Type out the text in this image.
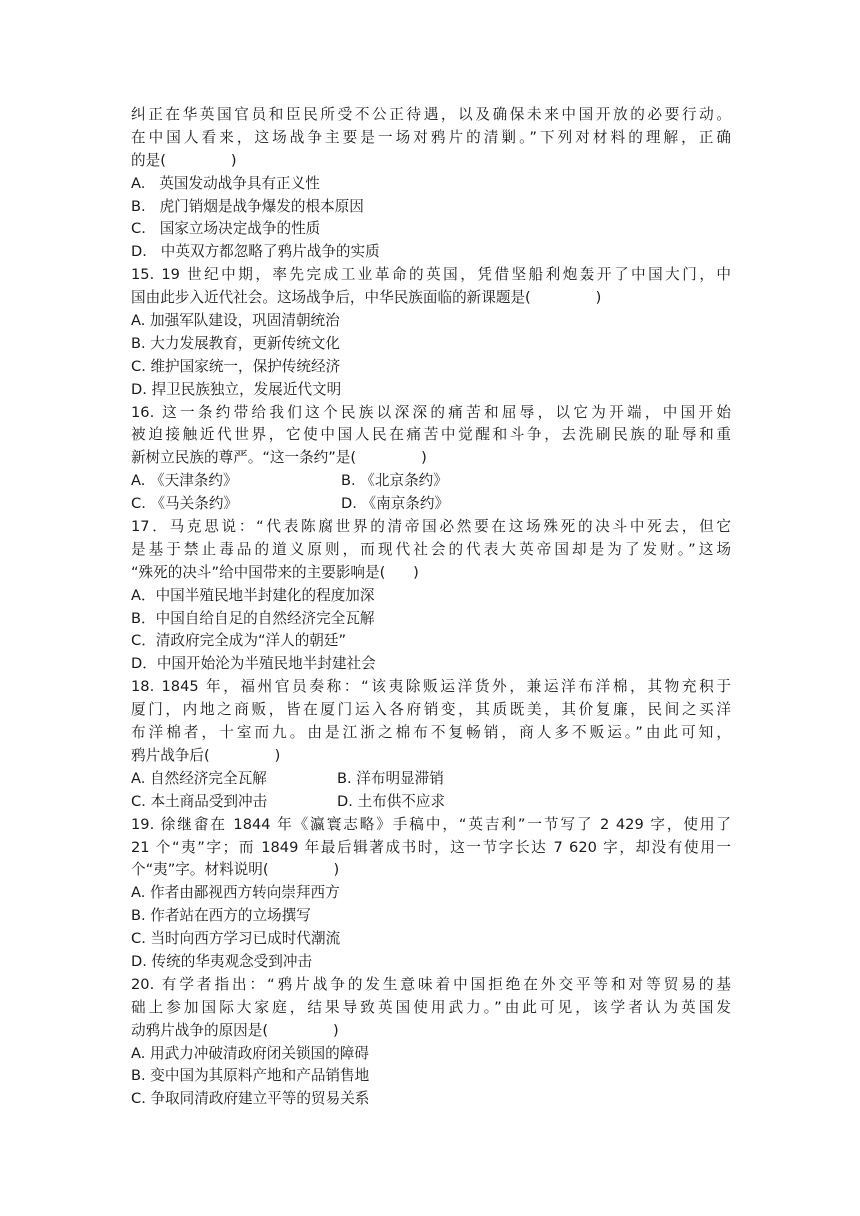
纠正在华英国官员和臣民所受不公正待遇，以及确保未来中国开放的必要行动。
在中国人看来，这场战争主要是一场对鸦片的清剿。”下列对材料的理解，正确
的是(              )
A.   英国发动战争具有正义性
B.   虎门销烟是战争爆发的根本原因
C.   国家立场决定战争的性质
D.   中英双方都忽略了鸦片战争的实质
15. 19 世纪中期，率先完成工业革命的英国，凭借坚船利炮轰开了中国大门，中
国由此步入近代社会。这场战争后，中华民族面临的新课题是(              )
A. 加强军队建设，巩固清朝统治
B. 大力发展教育，更新传统文化
C. 维护国家统一，保护传统经济
D. 捍卫民族独立，发展近代文明
16. 这一条约带给我们这个民族以深深的痛苦和屈辱，以它为开端，中国开始
被迫接触近代世界，它使中国人民在痛苦中觉醒和斗争，去洗刷民族的耻辱和重
新树立民族的尊严。“这一条约”是(              )
A. 《天津条约》	B. 《北京条约》
C. 《马关条约》	D. 《南京条约》
17．马克思说：“代表陈腐世界的清帝国必然要在这场殊死的决斗中死去，但它
是基于禁止毒品的道义原则，而现代社会的代表大英帝国却是为了发财。”这场
“殊死的决斗”给中国带来的主要影响是(      )
A．中国半殖民地半封建化的程度加深
B．中国自给自足的自然经济完全瓦解
C．清政府完全成为“洋人的朝廷”
D．中国开始沦为半殖民地半封建社会
18. 1845 年，福州官员奏称：“该夷除贩运洋货外，兼运洋布洋棉，其物充积于
厦门，内地之商贩，皆在厦门运入各府销变，其质既美，其价复廉，民间之买洋
布洋棉者，十室而九。由是江浙之棉布不复畅销，商人多不贩运。”由此可知，
鸦片战争后(              )
A. 自然经济完全瓦解	B. 洋布明显滞销
C. 本土商品受到冲击	D. 土布供不应求
19. 徐继畬在 1844 年《瀛寰志略》手稿中，“英吉利”一节写了 2 429 字，使用了
21 个“夷”字；而 1849 年最后辑著成书时，这一节字长达 7 620 字，却没有使用一
个“夷”字。材料说明(              )
A. 作者由鄙视西方转向崇拜西方
B. 作者站在西方的立场撰写
C. 当时向西方学习已成时代潮流
D. 传统的华夷观念受到冲击
20. 有学者指出：“鸦片战争的发生意味着中国拒绝在外交平等和对等贸易的基
础上参加国际大家庭，结果导致英国使用武力。”由此可见，该学者认为英国发
动鸦片战争的原因是(              )
A. 用武力冲破清政府闭关锁国的障碍
B. 变中国为其原料产地和产品销售地
C. 争取同清政府建立平等的贸易关系
